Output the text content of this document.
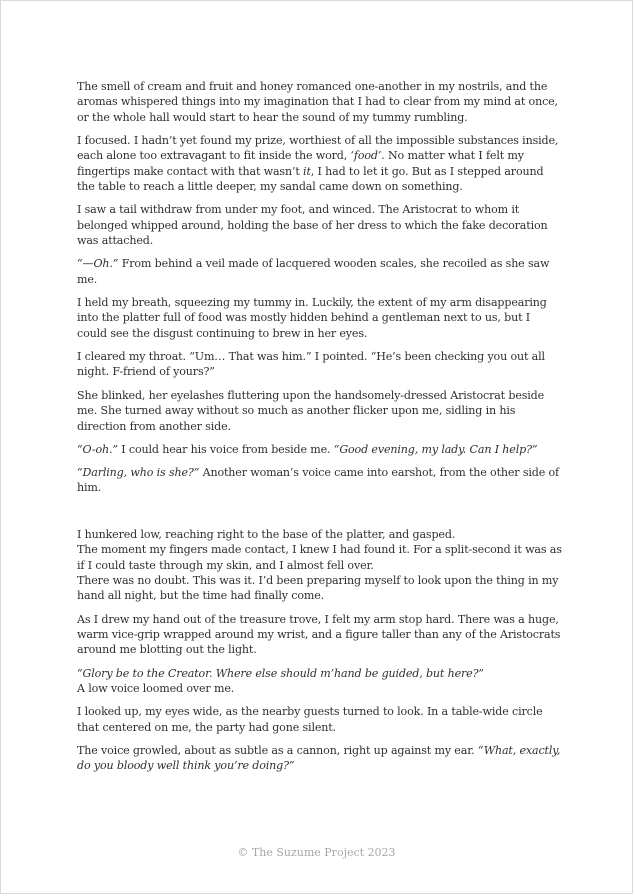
The smell of cream and fruit and honey romanced one-another in my nostrils, and the aromas whispered things into my imagination that I had to clear from my mind at once, or the whole hall would start to hear the sound of my tummy rumbling.

I focused. I hadn’t yet found my prize, worthiest of all the impossible substances inside, each alone too extravagant to fit inside the word, ‘food’. No matter what I felt my fingertips make contact with that wasn’t it, I had to let it go. But as I stepped around the table to reach a little deeper, my sandal came down on something.

I saw a tail withdraw from under my foot, and winced. The Aristocrat to whom it belonged whipped around, holding the base of her dress to which the fake decoration was attached.

“—Oh.” From behind a veil made of lacquered wooden scales, she recoiled as she saw me.

I held my breath, squeezing my tummy in. Luckily, the extent of my arm disappearing into the platter full of food was mostly hidden behind a gentleman next to us, but I could see the disgust continuing to brew in her eyes.

I cleared my throat. “Um… That was him.” I pointed. “He’s been checking you out all night. F-friend of yours?”

She blinked, her eyelashes fluttering upon the handsomely-dressed Aristocrat beside me. She turned away without so much as another flicker upon me, sidling in his direction from another side.

“O-oh.” I could hear his voice from beside me. “Good evening, my lady. Can I help?”

“Darling, who is she?” Another woman’s voice came into earshot, from the other side of him.

I hunkered low, reaching right to the base of the platter, and gasped.

The moment my fingers made contact, I knew I had found it. For a split-second it was as if I could taste through my skin, and I almost fell over.

There was no doubt. This was it. I’d been preparing myself to look upon the thing in my hand all night, but the time had finally come.

As I drew my hand out of the treasure trove, I felt my arm stop hard. There was a huge, warm vice-grip wrapped around my wrist, and a figure taller than any of the Aristocrats around me blotting out the light.

“Glory be to the Creator. Where else should m’hand be guided, but here?”

A low voice loomed over me.

I looked up, my eyes wide, as the nearby guests turned to look. In a table-wide circle that centered on me, the party had gone silent.

The voice growled, about as subtle as a cannon, right up against my ear. “What, exactly, do you bloody well think you’re doing?”

© The Suzume Project 2023
